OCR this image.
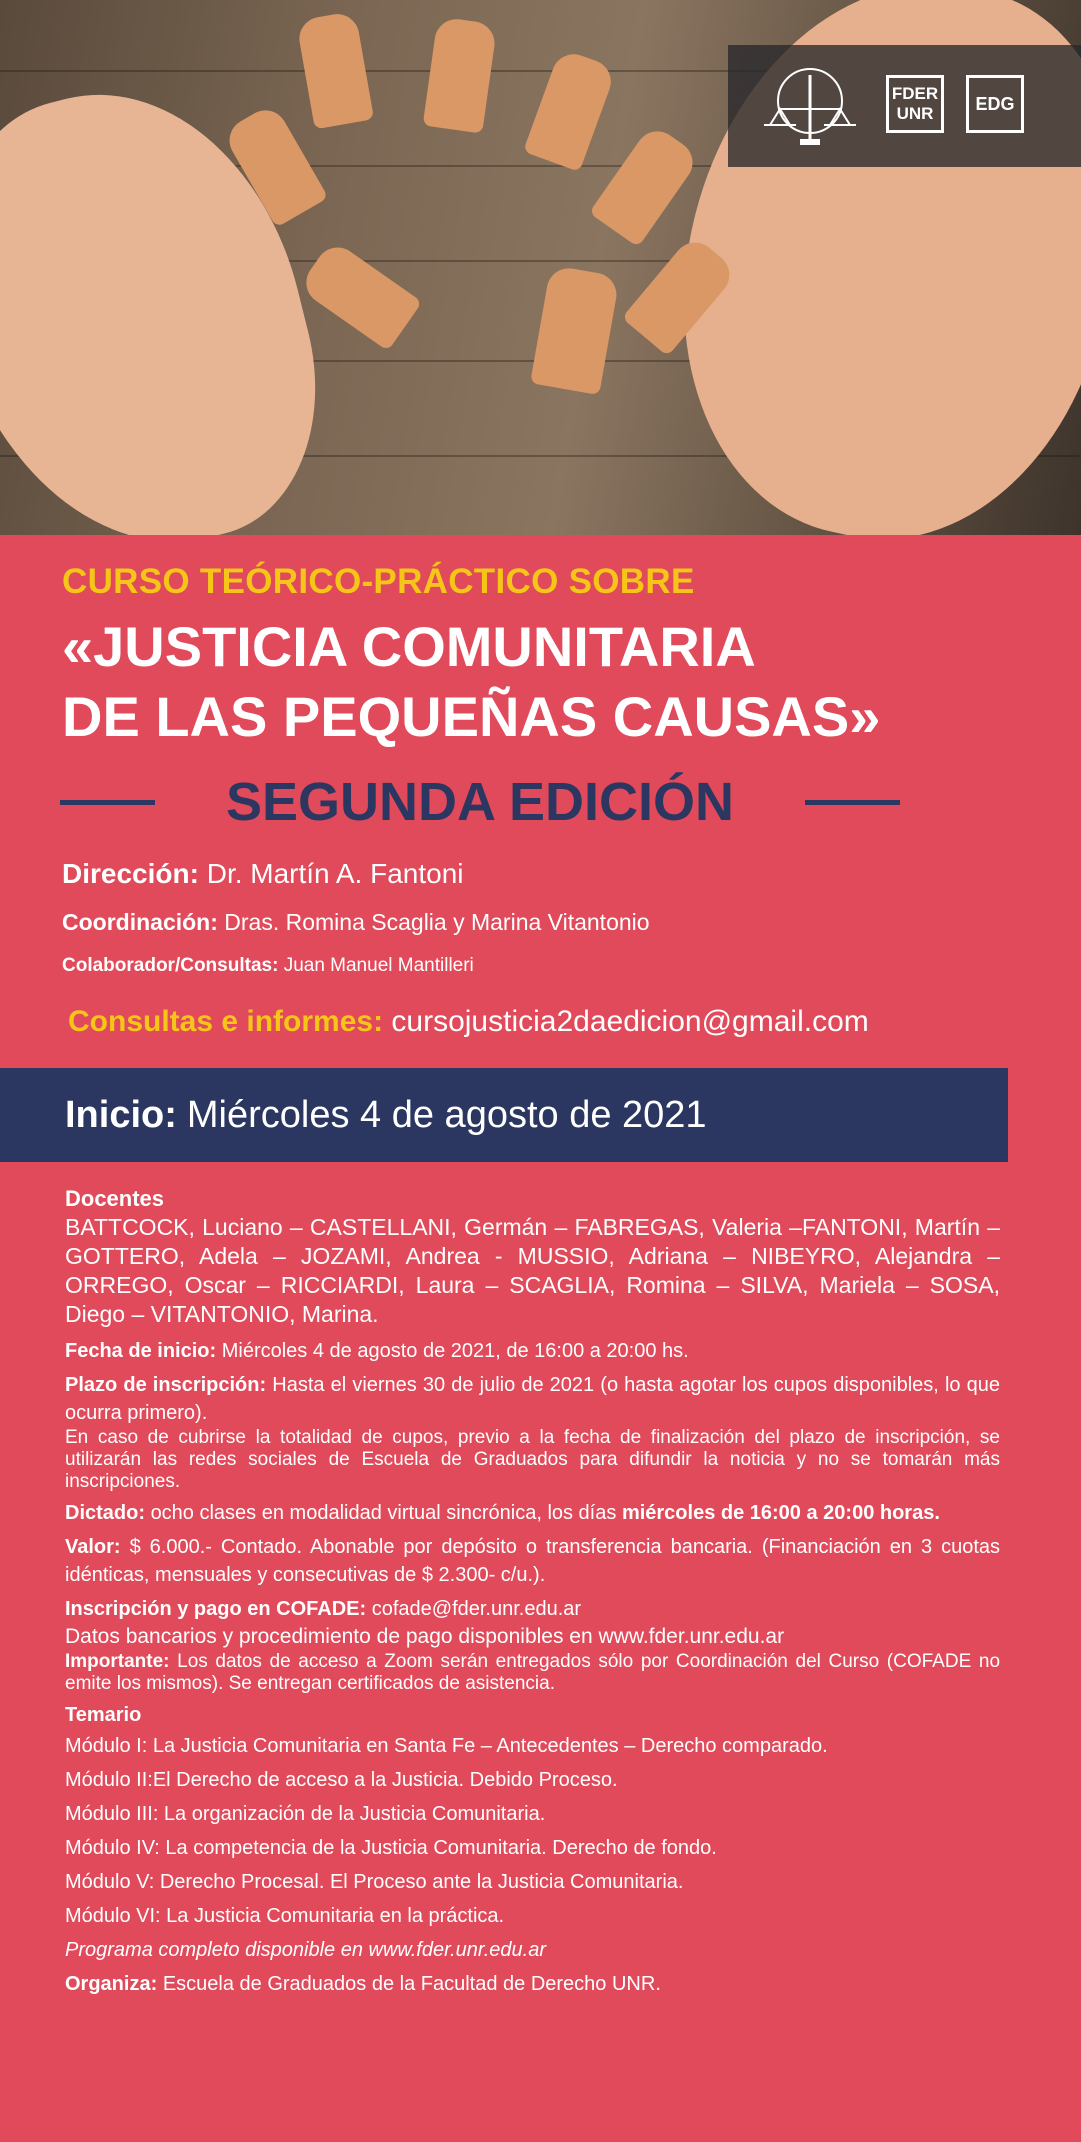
FDER
UNR EDG
CURSO TEÓRICO-PRÁCTICO SOBRE
«JUSTICIA COMUNITARIA
DE LAS PEQUEÑAS CAUSAS»
SEGUNDA EDICIÓN
Dirección: Dr. Martín A. Fantoni
Coordinación: Dras. Romina Scaglia y Marina Vitantonio
Colaborador/Consultas: Juan Manuel Mantilleri
Consultas e informes: cursojusticia2daedicion@gmail.com
Inicio: Miércoles 4 de agosto de 2021

Docentes

BATTCOCK, Luciano – CASTELLANI, Germán – FABREGAS, Valeria –FANTONI, Martín – GOTTERO, Adela – JOZAMI, Andrea - MUSSIO, Adriana – NIBEYRO, Alejandra – ORREGO, Oscar – RICCIARDI, Laura – SCAGLIA, Romina – SILVA, Mariela – SOSA, Diego – VITANTONIO, Marina.

Fecha de inicio: Miércoles 4 de agosto de 2021, de 16:00 a 20:00 hs.

Plazo de inscripción: Hasta el viernes 30 de julio de 2021 (o hasta agotar los cupos disponibles, lo que ocurra primero).

En caso de cubrirse la totalidad de cupos, previo a la fecha de finalización del plazo de inscripción, se utilizarán las redes sociales de Escuela de Graduados para difundir la noticia y no se tomarán más inscripciones.

Dictado: ocho clases en modalidad virtual sincrónica, los días miércoles de 16:00 a 20:00 horas.

Valor: $ 6.000.- Contado. Abonable por depósito o transferencia bancaria. (Financiación en 3 cuotas idénticas, mensuales y consecutivas de $ 2.300- c/u.).

Inscripción y pago en COFADE: cofade@fder.unr.edu.ar

Datos bancarios y procedimiento de pago disponibles en www.fder.unr.edu.ar

Importante: Los datos de acceso a Zoom serán entregados sólo por Coordinación del Curso (COFADE no emite los mismos). Se entregan certificados de asistencia.

Temario

Módulo I: La Justicia Comunitaria en Santa Fe – Antecedentes – Derecho comparado.

Módulo II:El Derecho de acceso a la Justicia. Debido Proceso.

Módulo III: La organización de la Justicia Comunitaria.

Módulo IV: La competencia de la Justicia Comunitaria. Derecho de fondo.

Módulo V: Derecho Procesal. El Proceso ante la Justicia Comunitaria.

Módulo VI: La Justicia Comunitaria en la práctica.

Programa completo disponible en www.fder.unr.edu.ar

Organiza: Escuela de Graduados de la Facultad de Derecho UNR.
